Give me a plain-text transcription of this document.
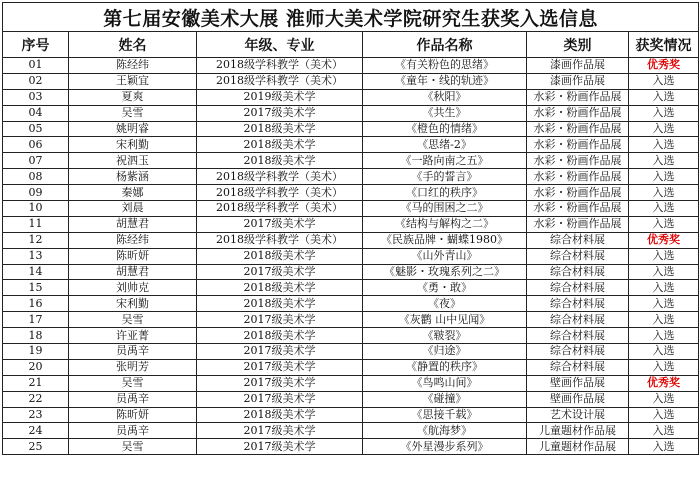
第七届安徽美术大展 淮师大美术学院研究生获奖入选信息					
序号	姓名	年级、专业	作品名称	类别	获奖情况
01	陈经纬	2018级学科教学（美术）	《有关粉色的思绪》	漆画作品展	优秀奖
02	王颖宜	2018级学科教学（美术）	《童年・线的轨迹》	漆画作品展	入选
03	夏爽	2019级美术学	《秋阳》	水彩・粉画作品展	入选
04	吴雪	2017级美术学	《共生》	水彩・粉画作品展	入选
05	姚明睿	2018级美术学	《橙色的情绪》	水彩・粉画作品展	入选
06	宋利勤	2018级美术学	《思绪-2》	水彩・粉画作品展	入选
07	祝泗玉	2018级美术学	《一路向南之五》	水彩・粉画作品展	入选
08	杨紫涵	2018级学科教学（美术）	《手的誓言》	水彩・粉画作品展	入选
09	秦娜	2018级学科教学（美术）	《口红的秩序》	水彩・粉画作品展	入选
10	刘晨	2018级学科教学（美术）	《马的围困之二》	水彩・粉画作品展	入选
11	胡慧君	2017级美术学	《结构与解构之二》	水彩・粉画作品展	入选
12	陈经纬	2018级学科教学（美术）	《民族品牌・蝴蝶1980》	综合材料展	优秀奖
13	陈昕妍	2018级美术学	《山外青山》	综合材料展	入选
14	胡慧君	2017级美术学	《魅影・玫瑰系列之二》	综合材料展	入选
15	刘帅克	2018级美术学	《勇・敢》	综合材料展	入选
16	宋利勤	2018级美术学	《夜》	综合材料展	入选
17	吴雪	2017级美术学	《灰鹳 山中见闻》	综合材料展	入选
18	许亚菁	2018级美术学	《皲裂》	综合材料展	入选
19	员禹辛	2017级美术学	《归途》	综合材料展	入选
20	张明芳	2017级美术学	《静置的秩序》	综合材料展	入选
21	吴雪	2017级美术学	《鸟鸣山间》	壁画作品展	优秀奖
22	员禹辛	2017级美术学	《碰撞》	壁画作品展	入选
23	陈昕妍	2018级美术学	《思接千载》	艺术设计展	入选
24	员禹辛	2017级美术学	《航海梦》	儿童题材作品展	入选
25	吴雪	2017级美术学	《外星漫步系列》	儿童题材作品展	入选
